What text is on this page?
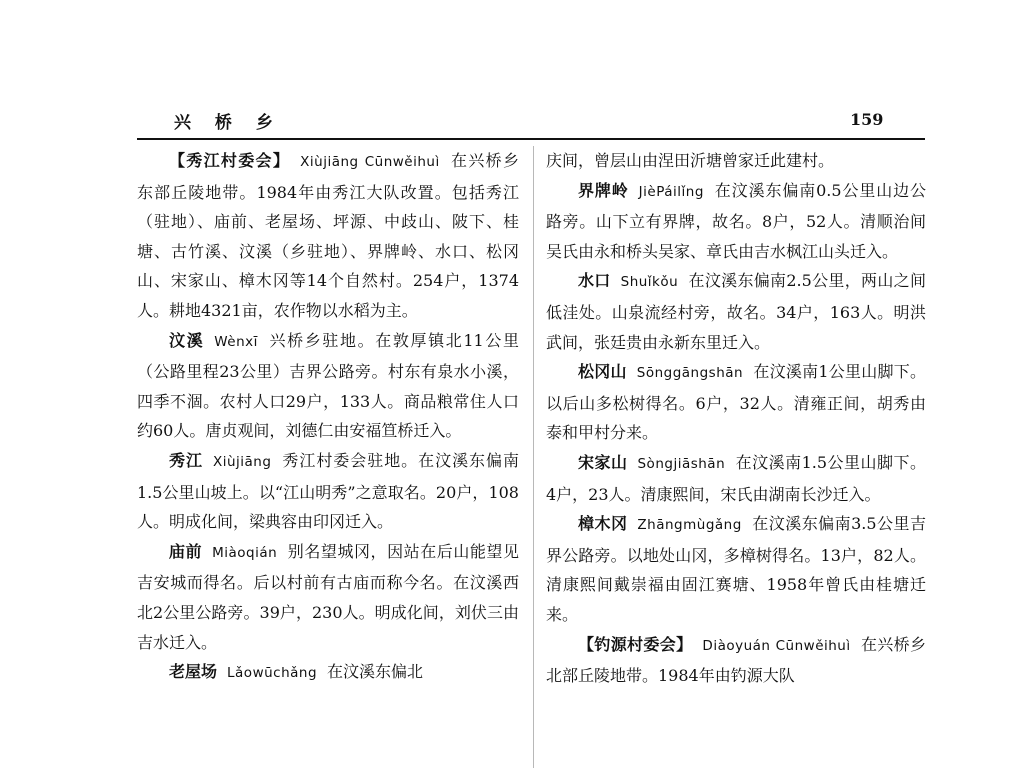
兴 桥 乡	159

【秀江村委会】 Xiùjiāng Cūnwěihuì 在兴桥乡东部丘陵地带。1984年由秀江大队改置。包括秀江（驻地）、庙前、老屋场、坪源、中歧山、陂下、桂塘、古竹溪、汶溪（乡驻地）、界牌岭、水口、松冈山、宋家山、樟木冈等14个自然村。254户，1374人。耕地4321亩，农作物以水稻为主。

汶溪 Wènxī 兴桥乡驻地。在敦厚镇北11公里（公路里程23公里）吉界公路旁。村东有泉水小溪，四季不涸。农村人口29户，133人。商品粮常住人口约60人。唐贞观间，刘德仁由安福笪桥迁入。

秀江 Xiùjiāng 秀江村委会驻地。在汶溪东偏南1.5公里山坡上。以“江山明秀”之意取名。20户，108人。明成化间，梁典容由印冈迁入。

庙前 Miàoqián 别名望城冈，因站在后山能望见吉安城而得名。后以村前有古庙而称今名。在汶溪西北2公里公路旁。39户，230人。明成化间，刘伏三由吉水迁入。

老屋场 Lǎowūchǎng 在汶溪东偏北

庆间，曾层山由涅田沂塘曾家迁此建村。

界牌岭 JièPáilǐng 在汶溪东偏南0.5公里山边公路旁。山下立有界牌，故名。8户，52人。清顺治间吴氏由永和桥头吴家、章氏由吉水枫江山头迁入。

水口 Shuǐkǒu 在汶溪东偏南2.5公里，两山之间低洼处。山泉流经村旁，故名。34户，163人。明洪武间，张廷贵由永新东里迁入。

松冈山 Sōnggāngshān 在汶溪南1公里山脚下。以后山多松树得名。6户，32人。清雍正间，胡秀由泰和甲村分来。

宋家山 Sòngjiāshān 在汶溪南1.5公里山脚下。4户，23人。清康熙间，宋氏由湖南长沙迁入。

樟木冈 Zhāngmùgǎng 在汶溪东偏南3.5公里吉界公路旁。以地处山冈，多樟树得名。13户，82人。清康熙间戴崇福由固江赛塘、1958年曾氏由桂塘迁来。

【钓源村委会】 Diàoyuán Cūnwěihuì 在兴桥乡北部丘陵地带。1984年由钓源大队
